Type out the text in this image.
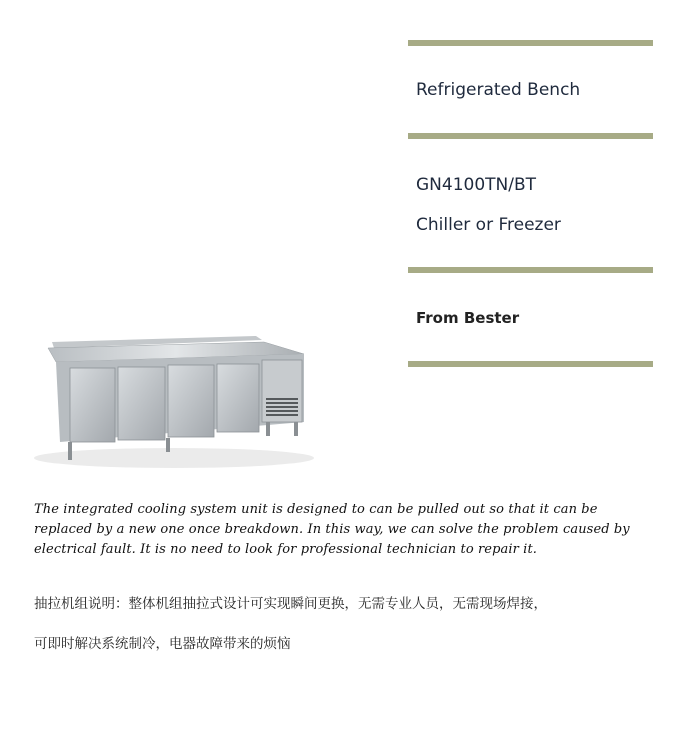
Refrigerated Bench
GN4100TN/BT
Chiller or Freezer
From Bester

The integrated cooling system unit is designed to can be pulled out so that it can be replaced by a new one once breakdown. In this way, we can solve the problem caused by electrical fault. It is no need to look for professional technician to repair it.

抽拉机组说明：整体机组抽拉式设计可实现瞬间更换，无需专业人员，无需现场焊接，

可即时解决系统制冷，电器故障带来的烦恼
